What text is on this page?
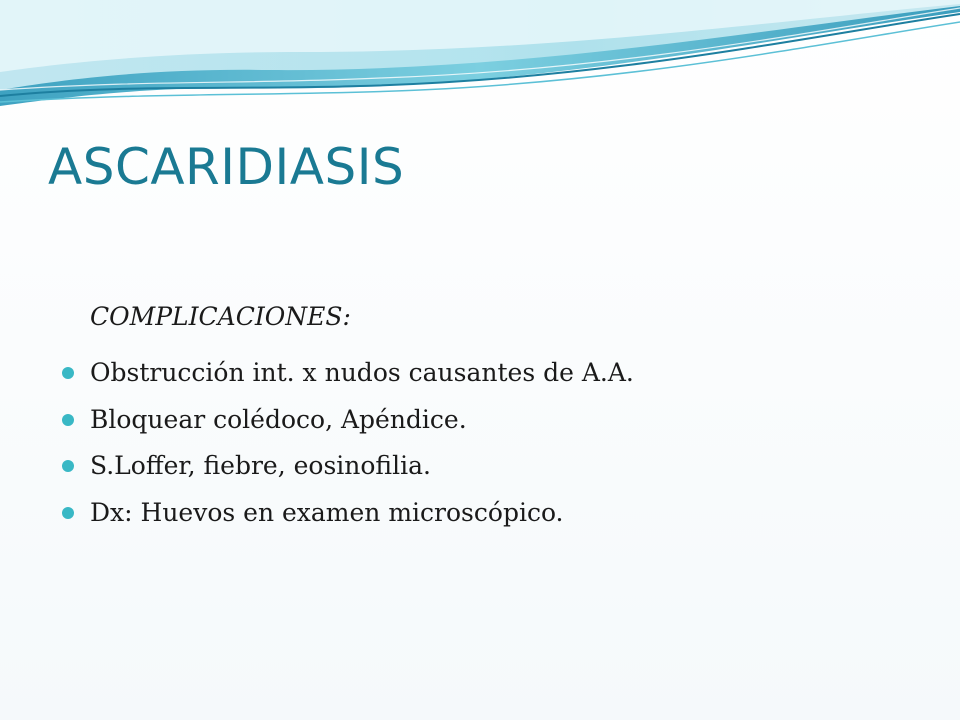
ASCARIDIASIS

COMPLICACIONES:

Obstrucción int. x nudos causantes de A.A.
Bloquear colédoco, Apéndice.
S.Loffer, fiebre, eosinofilia.
Dx: Huevos en examen microscópico.
